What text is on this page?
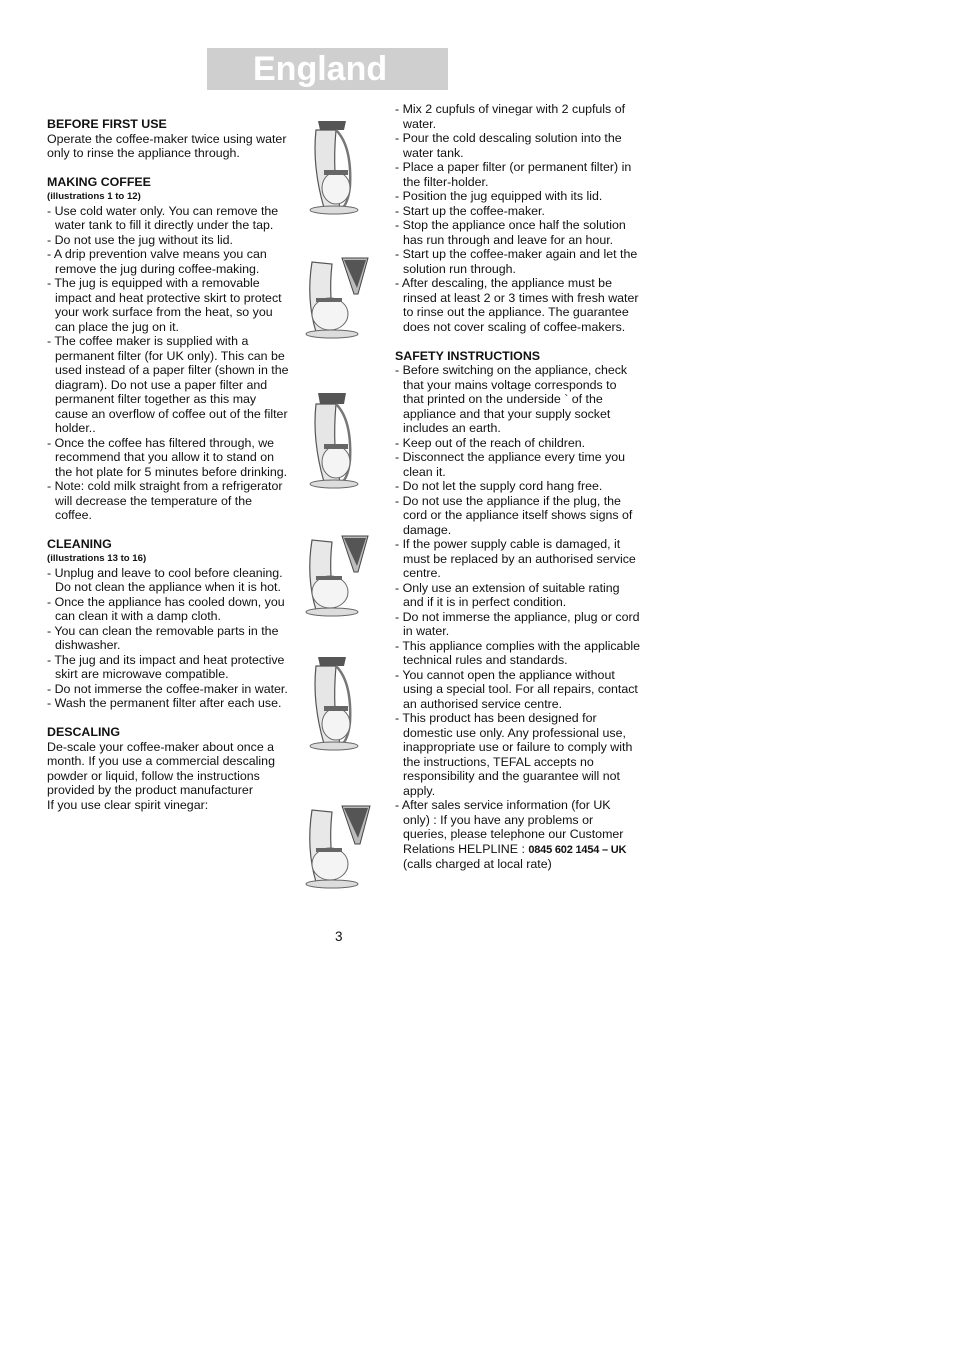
England

BEFORE FIRST USE

Operate the coffee-maker twice using water only to rinse the appliance through.

MAKING COFFEE

(illustrations 1 to 12)

- Use cold water only. You can remove the water tank to fill it directly under the tap.
- Do not use the jug without its lid.
- A drip prevention valve means you can remove the jug during coffee-making.
- The jug is equipped with a removable impact and heat protective skirt to protect your work surface from the heat, so you can place the jug on it.
- The coffee maker is supplied with a permanent filter (for UK only). This can be used instead of a paper filter (shown in the diagram). Do not use a paper filter and permanent filter together as this may cause an overflow of coffee out of the filter holder..
- Once the coffee has filtered through, we recommend that you allow it to stand on the hot plate for 5 minutes before drinking.
- Note: cold milk straight from a refrigerator will decrease the temperature of the coffee.

CLEANING

(illustrations 13 to 16)

- Unplug and leave to cool before cleaning. Do not clean the appliance when it is hot.
- Once the appliance has cooled down, you can clean it with a damp cloth.
- You can clean the removable parts in the dishwasher.
- The jug and its impact and heat protective skirt are microwave compatible.
- Do not immerse the coffee-maker in water.
- Wash the permanent filter after each use.

DESCALING

De-scale your coffee-maker about once a month. If you use a commercial descaling powder or liquid, follow the instructions provided by the product manufacturer

If you use clear spirit vinegar:

- Mix 2 cupfuls of vinegar with 2 cupfuls of water.
- Pour the cold descaling solution into the water tank.
- Place a paper filter (or permanent filter) in the filter-holder.
- Position the jug equipped with its lid.
- Start up the coffee-maker.
- Stop the appliance once half the solution has run through and leave for an hour.
- Start up the coffee-maker again and let the solution run through.
- After descaling, the appliance must be rinsed at least 2 or 3 times with fresh water to rinse out the appliance. The guarantee does not cover scaling of coffee-makers.

SAFETY INSTRUCTIONS

- Before switching on the appliance, check that your mains voltage corresponds to that printed on the underside ` of the appliance and that your supply socket includes an earth.
- Keep out of the reach of children.
- Disconnect the appliance every time you clean it.
- Do not let the supply cord hang free.
- Do not use the appliance if the plug, the cord or the appliance itself shows signs of damage.
- If the power supply cable is damaged, it must be replaced by an authorised service centre.
- Only use an extension of suitable rating and if it is in perfect condition.
- Do not immerse the appliance, plug or cord in water.
- This appliance complies with the applicable technical rules and standards.
- You cannot open the appliance without using a special tool. For all repairs, contact an authorised service centre.
- This product has been designed for domestic use only. Any professional use, inappropriate use or failure to comply with the instructions, TEFAL accepts no responsibility and the guarantee will not apply.
- After sales service information (for UK only) : If you have any problems or queries, please telephone our Customer Relations HELPLINE : 0845 602 1454 – UK

(calls charged at local rate)

3
